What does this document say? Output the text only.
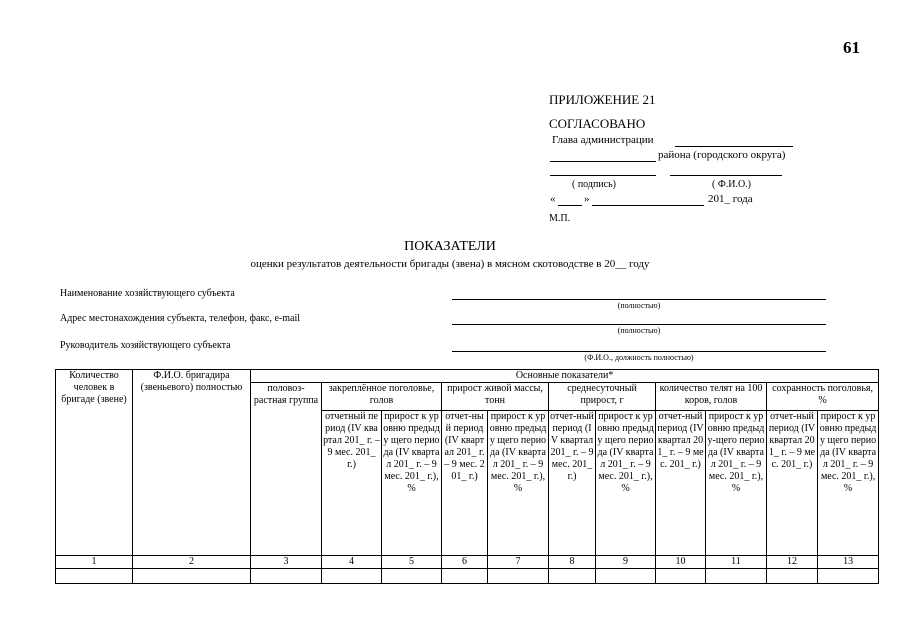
61
ПРИЛОЖЕНИЕ 21
СОГЛАСОВАНО
Глава администрации
района (городского округа)
( подпись)	( Ф.И.О.)
«	»	201_ года
М.П.
ПОКАЗАТЕЛИ
оценки результатов деятельности бригады (звена) в мясном скотоводстве в 20__ году
Наименование хозяйствующего субъекта
(полностью)
Адрес местонахождения субъекта, телефон, факс, e-mail
(полностью)
Руководитель хозяйствующего субъекта
(Ф.И.О., должность полностью)
Количество человек в бригаде (звене)	Ф.И.О. бригадира (звеньевого) полностью	Основные показатели*										
		половоз-растная группа	закреплённое поголовье, голов		прирост живой массы, тонн		среднесуточный прирост, г		количество телят на 100 коров, голов		сохранность поголовья, %	
			отчетный период (IV квартал 201_ г. – 9 мес. 201_ г.)	прирост к уровню предыду щего периода (IV квартал 201_ г. – 9 мес. 201_ г.), %	отчет-ный период (IV квартал 201_ г. – 9 мес. 201_ г.)	прирост к уровню предыду щего периода (IV квартал 201_ г. – 9 мес. 201_ г.), %	отчет-ный период (IV квартал 201_ г. – 9 мес. 201_ г.)	прирост к уровню предыду щего периода (IV квартал 201_ г. – 9 мес. 201_ г.), %	отчет-ный период (IV квартал 201_ г. – 9 мес. 201_ г.)	прирост к уровню предыду-щего периода (IV квартал 201_ г. – 9 мес. 201_ г.), %	отчет-ный период (IV квартал 201_ г. – 9 мес. 201_ г.)	прирост к уровню предыду щего периода (IV квартал 201_ г. – 9 мес. 201_ г.), %
1	2	3	4	5	6	7	8	9	10	11	12	13
